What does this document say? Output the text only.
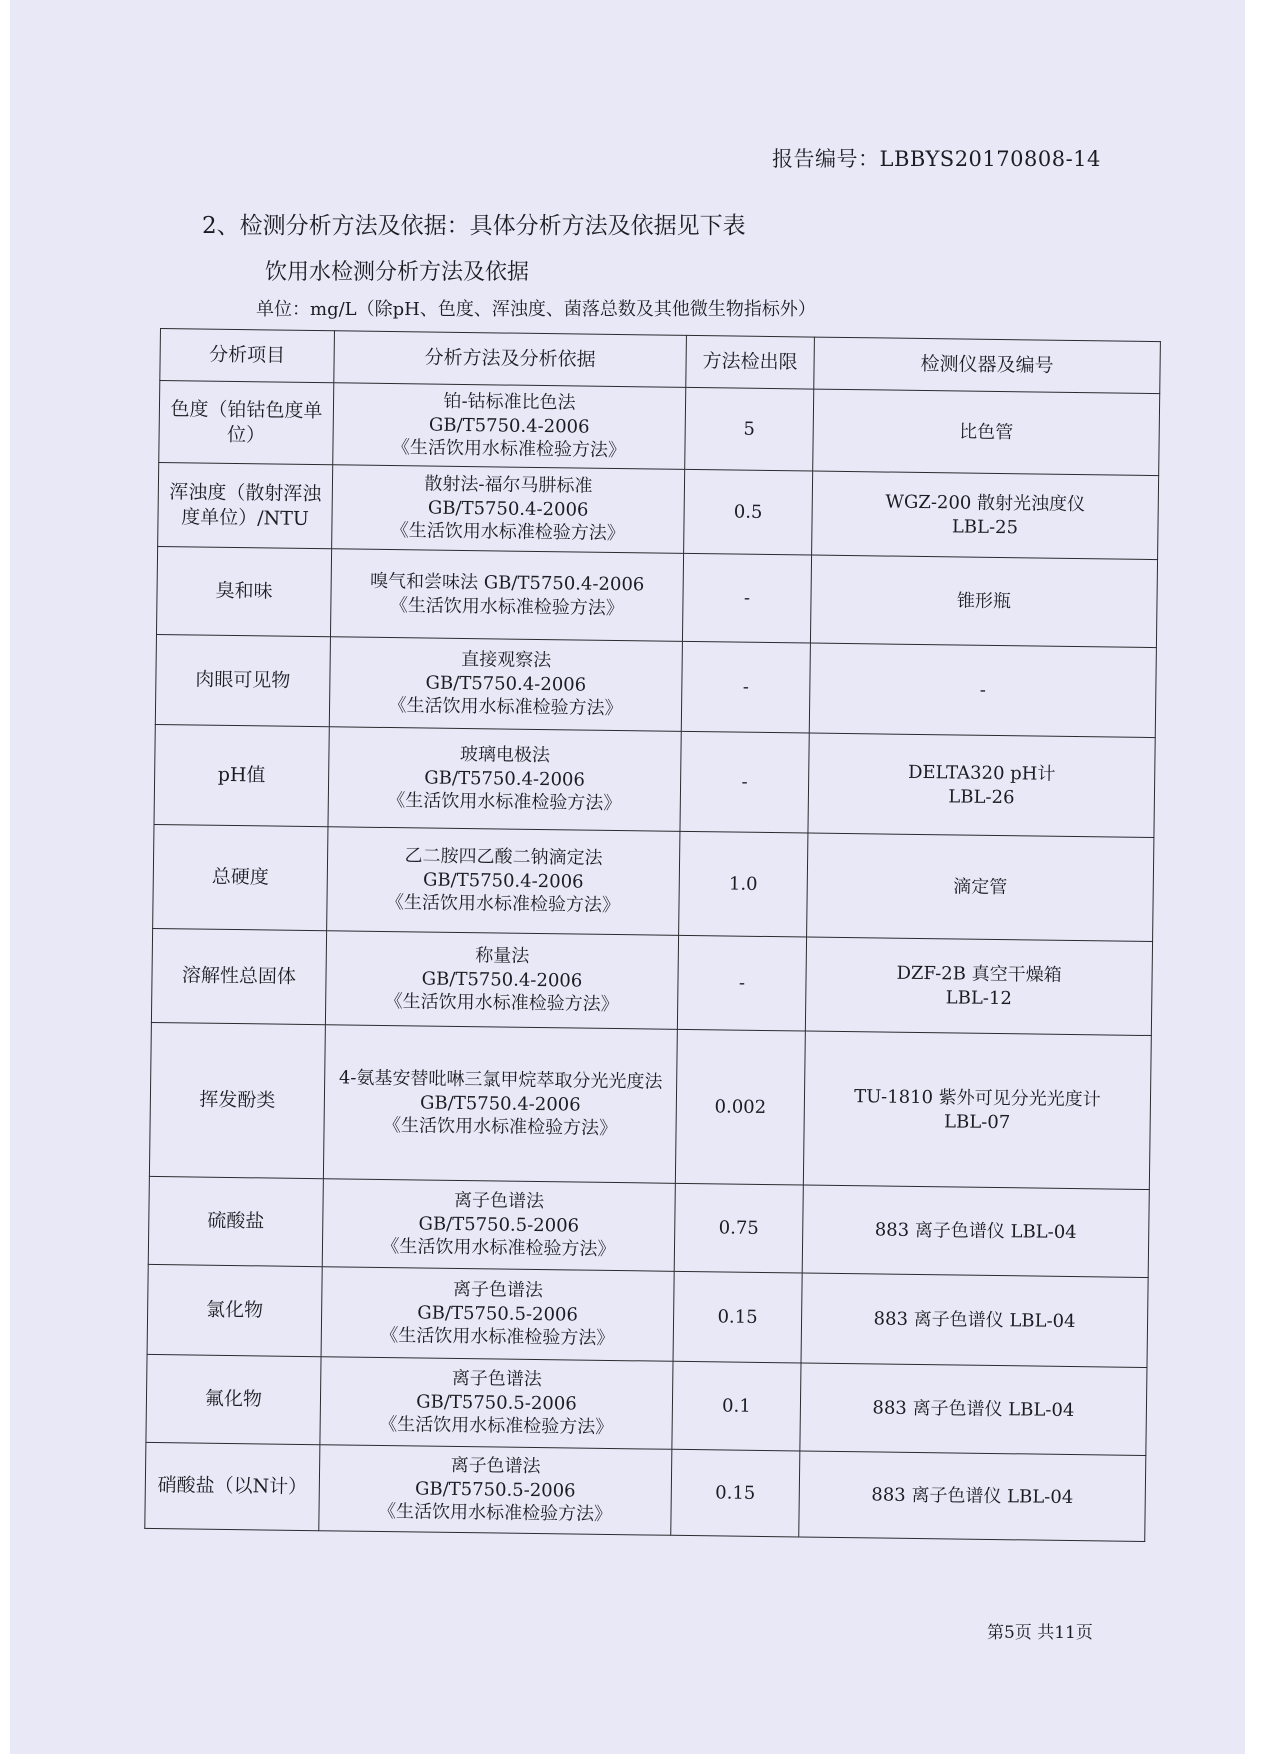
报告编号：LBBYS20170808-14
2、检测分析方法及依据：具体分析方法及依据见下表
饮用水检测分析方法及依据
单位：mg/L（除pH、色度、浑浊度、菌落总数及其他微生物指标外）
分析项目	分析方法及分析依据	方法检出限	检测仪器及编号
色度（铂钴色度单位）	铂-钴标准比色法
GB/T5750.4-2006
《生活饮用水标准检验方法》	5	比色管

浑浊度（散射浑浊度单位）/NTU	散射法-福尔马肼标准
GB/T5750.4-2006
《生活饮用水标准检验方法》	0.5	WGZ-200 散射光浊度仪
LBL-25

臭和味	嗅气和尝味法 GB/T5750.4-2006
《生活饮用水标准检验方法》	-	锥形瓶

肉眼可见物	直接观察法
GB/T5750.4-2006
《生活饮用水标准检验方法》	-	-

pH值	玻璃电极法
GB/T5750.4-2006
《生活饮用水标准检验方法》	-	DELTA320 pH计
LBL-26

总硬度	乙二胺四乙酸二钠滴定法
GB/T5750.4-2006
《生活饮用水标准检验方法》	1.0	滴定管

溶解性总固体	称量法
GB/T5750.4-2006
《生活饮用水标准检验方法》	-	DZF-2B 真空干燥箱
LBL-12

挥发酚类	4-氨基安替吡啉三氯甲烷萃取分光光度法
GB/T5750.4-2006
《生活饮用水标准检验方法》	0.002	TU-1810 紫外可见分光光度计
LBL-07

硫酸盐	离子色谱法
GB/T5750.5-2006
《生活饮用水标准检验方法》	0.75	883 离子色谱仪 LBL-04

氯化物	离子色谱法
GB/T5750.5-2006
《生活饮用水标准检验方法》	0.15	883 离子色谱仪 LBL-04

氟化物	离子色谱法
GB/T5750.5-2006
《生活饮用水标准检验方法》	0.1	883 离子色谱仪 LBL-04

硝酸盐（以N计）	离子色谱法
GB/T5750.5-2006
《生活饮用水标准检验方法》	0.15	883 离子色谱仪 LBL-04
第5页 共11页
